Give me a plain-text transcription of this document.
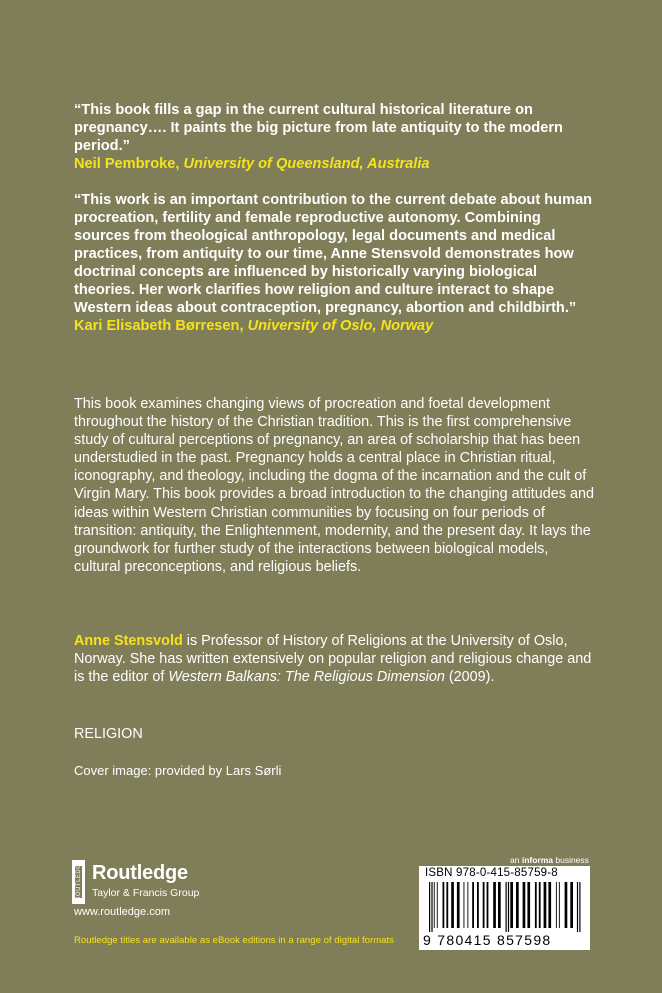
“This book fills a gap in the current cultural historical literature on pregnancy…. It paints the big picture from late antiquity to the modern period.”
Neil Pembroke, University of Queensland, Australia
“This work is an important contribution to the current debate about human procreation, fertility and female reproductive autonomy. Combining sources from theological anthropology, legal documents and medical practices, from antiquity to our time, Anne Stensvold demonstrates how doctrinal concepts are influenced by historically varying biological theories. Her work clarifies how religion and culture interact to shape Western ideas about contraception, pregnancy, abortion and childbirth.”
Kari Elisabeth Børresen, University of Oslo, Norway
This book examines changing views of procreation and foetal development throughout the history of the Christian tradition. This is the first comprehensive study of cultural perceptions of pregnancy, an area of scholarship that has been understudied in the past. Pregnancy holds a central place in Christian ritual, iconography, and theology, including the dogma of the incarnation and the cult of Virgin Mary. This book provides a broad introduction to the changing attitudes and ideas within Western Christian communities by focusing on four periods of transition: antiquity, the Enlightenment, modernity, and the present day. It lays the groundwork for further study of the interactions between biological models, cultural preconceptions, and religious beliefs.
Anne Stensvold is Professor of History of Religions at the University of Oslo, Norway. She has written extensively on popular religion and religious change and is the editor of Western Balkans: The Religious Dimension (2009).
RELIGION
Cover image: provided by Lars Sørli
ROUTLEDGE Routledge
Taylor & Francis Group
www.routledge.com
Routledge titles are available as eBook editions in a range of digital formats
an informa business
ISBN 978-0-415-85759-8
9 780415 857598
